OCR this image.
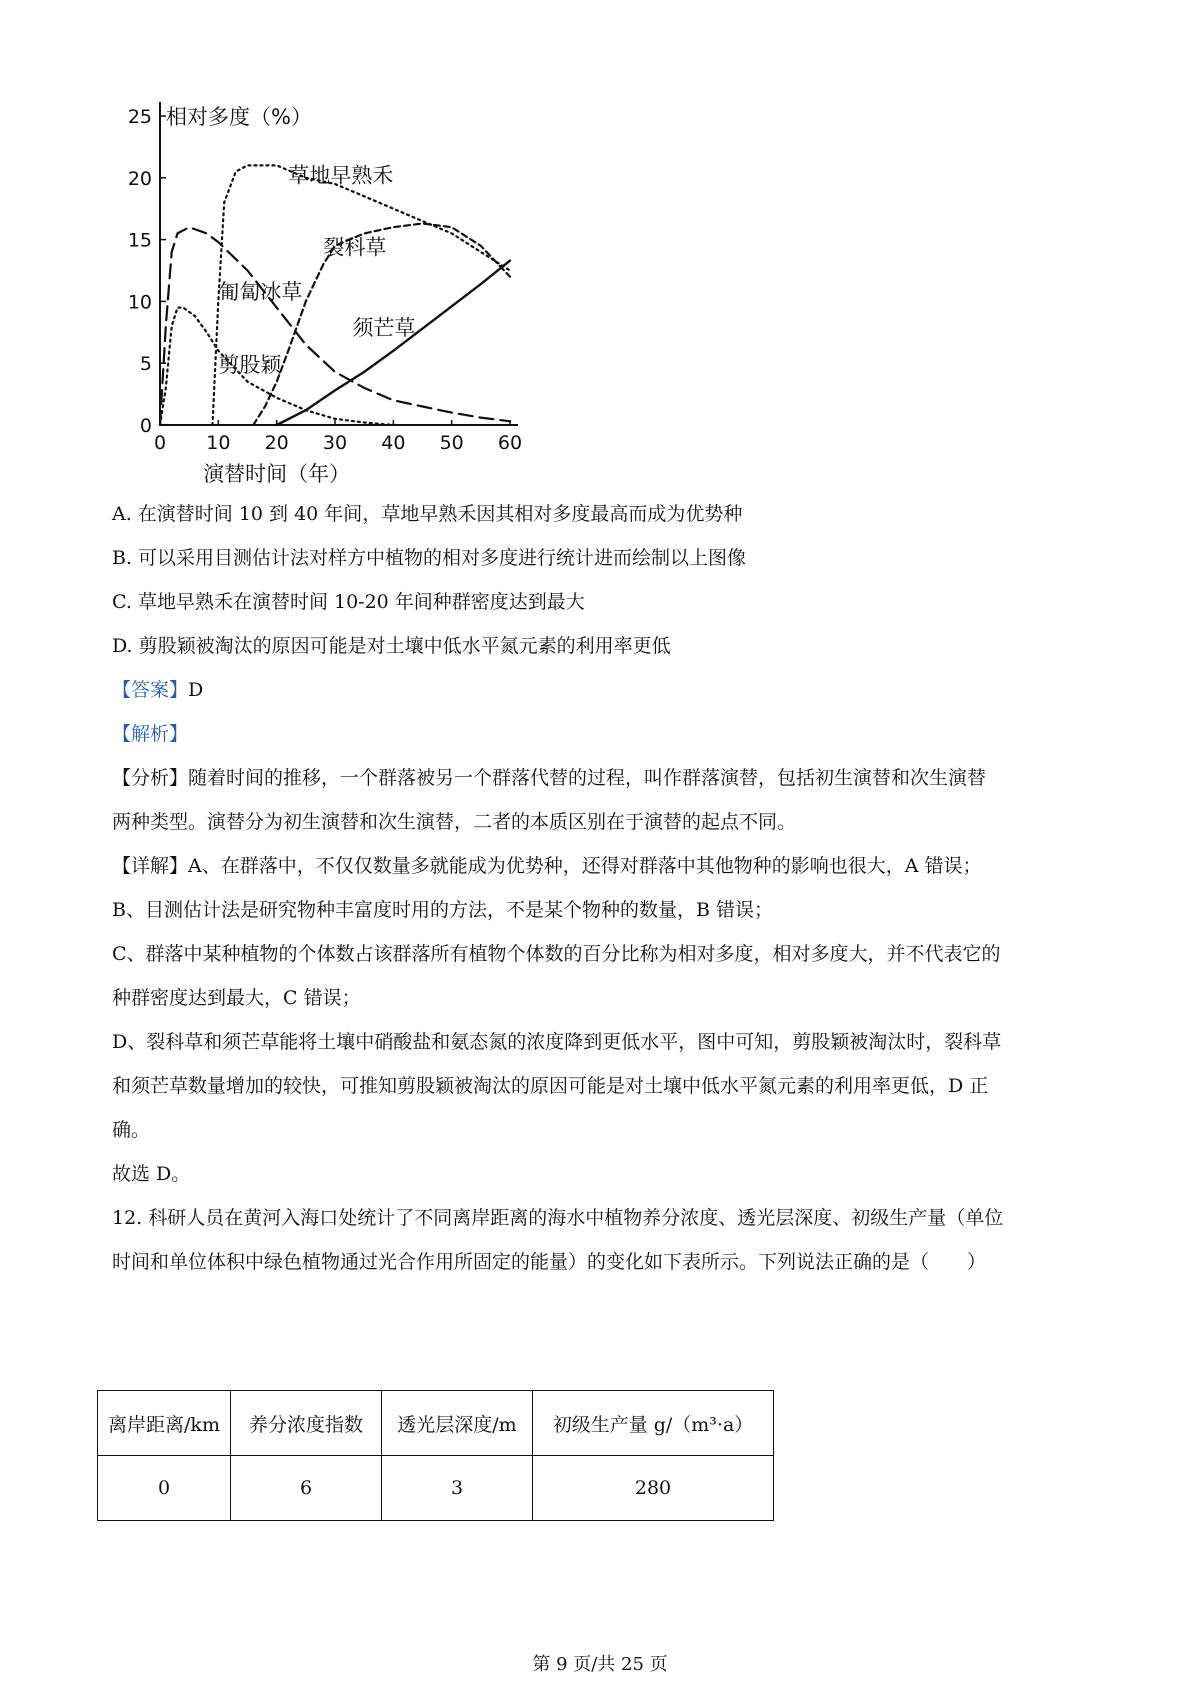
0
5
10
15
20
25
0 10 20 30 40 50 60
相对多度（%）
演替时间（年）
草地早熟禾
裂科草
匍匐冰草
剪股颖
须芒草
A. 在演替时间 10 到 40 年间，草地早熟禾因其相对多度最高而成为优势种
B. 可以采用目测估计法对样方中植物的相对多度进行统计进而绘制以上图像
C. 草地早熟禾在演替时间 10-20 年间种群密度达到最大
D. 剪股颖被淘汰的原因可能是对土壤中低水平氮元素的利用率更低
【答案】D
【解析】
【分析】随着时间的推移，一个群落被另一个群落代替的过程，叫作群落演替，包括初生演替和次生演替
两种类型。演替分为初生演替和次生演替，二者的本质区别在于演替的起点不同。
【详解】A、在群落中，不仅仅数量多就能成为优势种，还得对群落中其他物种的影响也很大，A 错误；
B、目测估计法是研究物种丰富度时用的方法，不是某个物种的数量，B 错误；
C、群落中某种植物的个体数占该群落所有植物个体数的百分比称为相对多度，相对多度大，并不代表它的
种群密度达到最大，C 错误；
D、裂科草和须芒草能将土壤中硝酸盐和氨态氮的浓度降到更低水平，图中可知，剪股颖被淘汰时，裂科草
和须芒草数量增加的较快，可推知剪股颖被淘汰的原因可能是对土壤中低水平氮元素的利用率更低，D 正
确。
故选 D。
12. 科研人员在黄河入海口处统计了不同离岸距离的海水中植物养分浓度、透光层深度、初级生产量（单位
时间和单位体积中绿色植物通过光合作用所固定的能量）的变化如下表所示。下列说法正确的是（　　）
离岸距离/km	养分浓度指数	透光层深度/m	初级生产量 g/（m³·a）
0	6	3	280
第 9 页/共 25 页
